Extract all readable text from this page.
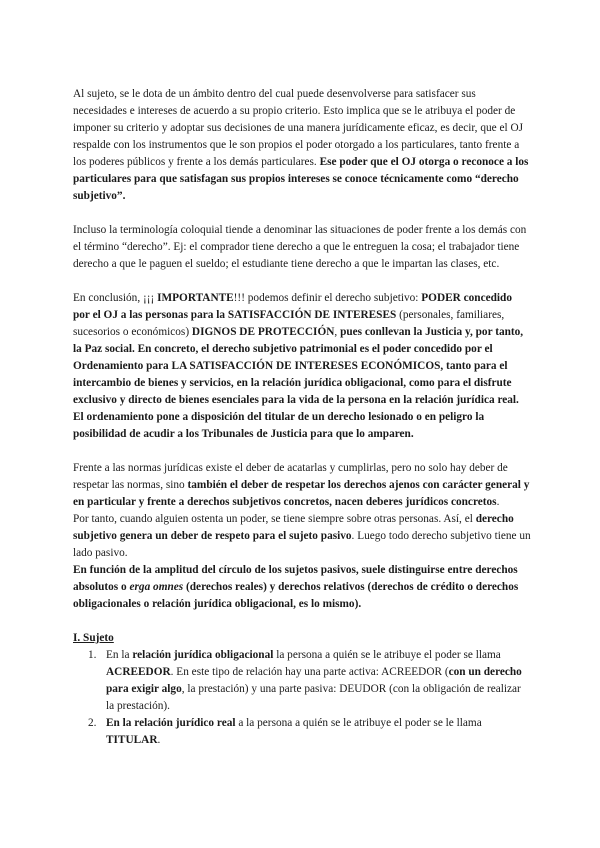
Al sujeto, se le dota de un ámbito dentro del cual puede desenvolverse para satisfacer sus necesidades e intereses de acuerdo a su propio criterio. Esto implica que se le atribuya el poder de imponer su criterio y adoptar sus decisiones de una manera jurídicamente eficaz, es decir, que el OJ respalde con los instrumentos que le son propios el poder otorgado a los particulares, tanto frente a los poderes públicos y frente a los demás particulares. Ese poder que el OJ otorga o reconoce a los particulares para que satisfagan sus propios intereses se conoce técnicamente como “derecho subjetivo”.

Incluso la terminología coloquial tiende a denominar las situaciones de poder frente a los demás con el término “derecho”. Ej: el comprador tiene derecho a que le entreguen la cosa; el trabajador tiene derecho a que le paguen el sueldo; el estudiante tiene derecho a que le impartan las clases, etc.

En conclusión, ¡¡¡ IMPORTANTE!!! podemos definir el derecho subjetivo: PODER concedido por el OJ a las personas para la SATISFACCIÓN DE INTERESES (personales, familiares, sucesorios o económicos) DIGNOS DE PROTECCIÓN, pues conllevan la Justicia y, por tanto, la Paz social. En concreto, el derecho subjetivo patrimonial es el poder concedido por el Ordenamiento para LA SATISFACCIÓN DE INTERESES ECONÓMICOS, tanto para el intercambio de bienes y servicios, en la relación jurídica obligacional, como para el disfrute exclusivo y directo de bienes esenciales para la vida de la persona en la relación jurídica real. El ordenamiento pone a disposición del titular de un derecho lesionado o en peligro la posibilidad de acudir a los Tribunales de Justicia para que lo amparen.

Frente a las normas jurídicas existe el deber de acatarlas y cumplirlas, pero no solo hay deber de respetar las normas, sino también el deber de respetar los derechos ajenos con carácter general y en particular y frente a derechos subjetivos concretos, nacen deberes jurídicos concretos.

Por tanto, cuando alguien ostenta un poder, se tiene siempre sobre otras personas. Así, el derecho subjetivo genera un deber de respeto para el sujeto pasivo. Luego todo derecho subjetivo tiene un lado pasivo.

En función de la amplitud del círculo de los sujetos pasivos, suele distinguirse entre derechos absolutos o erga omnes (derechos reales) y derechos relativos (derechos de crédito o derechos obligacionales o relación jurídica obligacional, es lo mismo).

I. Sujeto

1. En la relación jurídica obligacional la persona a quién se le atribuye el poder se llama ACREEDOR. En este tipo de relación hay una parte activa: ACREEDOR (con un derecho para exigir algo, la prestación) y una parte pasiva: DEUDOR (con la obligación de realizar la prestación).
2. En la relación jurídico real a la persona a quién se le atribuye el poder se le llama TITULAR.
